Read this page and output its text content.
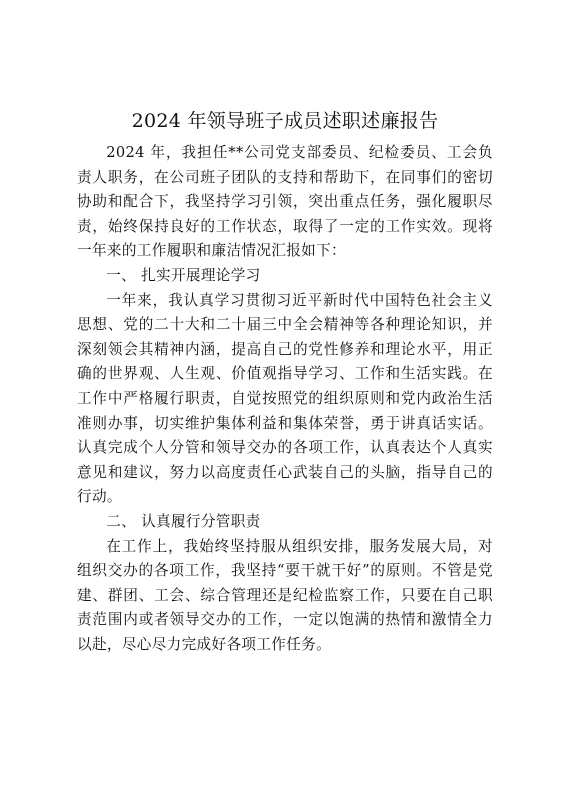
2024 年领导班子成员述职述廉报告

2024 年，我担任**公司党支部委员、纪检委员、工会负责人职务，在公司班子团队的支持和帮助下，在同事们的密切协助和配合下，我坚持学习引领，突出重点任务，强化履职尽责，始终保持良好的工作状态，取得了一定的工作实效。现将一年来的工作履职和廉洁情况汇报如下：

一、 扎实开展理论学习

一年来，我认真学习贯彻习近平新时代中国特色社会主义思想、党的二十大和二十届三中全会精神等各种理论知识，并深刻领会其精神内涵，提高自己的党性修养和理论水平，用正确的世界观、人生观、价值观指导学习、工作和生活实践。在工作中严格履行职责，自觉按照党的组织原则和党内政治生活准则办事，切实维护集体利益和集体荣誉，勇于讲真话实话。认真完成个人分管和领导交办的各项工作，认真表达个人真实意见和建议，努力以高度责任心武装自己的头脑，指导自己的行动。

二、 认真履行分管职责

在工作上，我始终坚持服从组织安排，服务发展大局，对组织交办的各项工作，我坚持“要干就干好”的原则。不管是党建、群团、工会、综合管理还是纪检监察工作，只要在自己职责范围内或者领导交办的工作，一定以饱满的热情和激情全力以赴，尽心尽力完成好各项工作任务。
